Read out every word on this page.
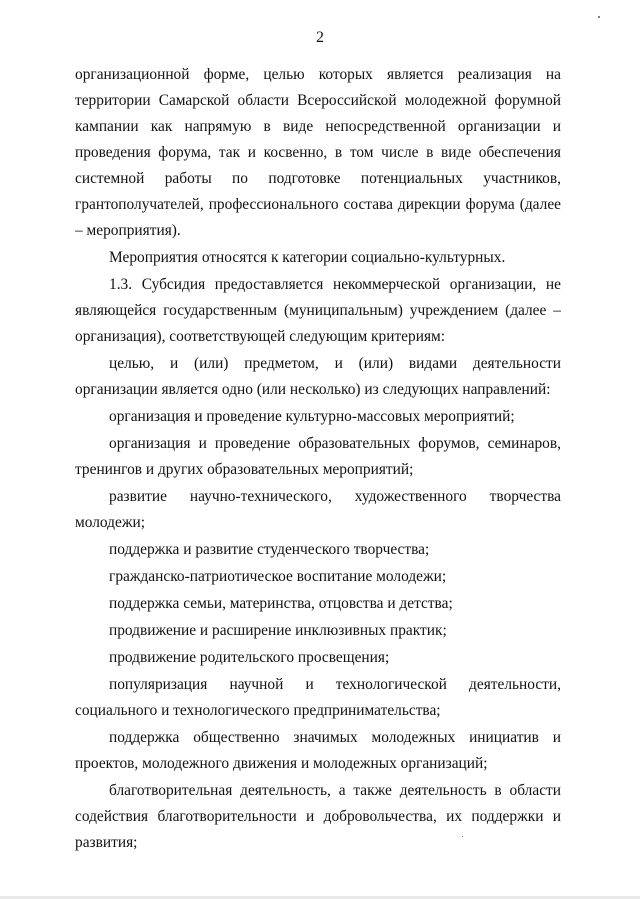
2

организационной форме, целью которых является реализация на территории Самарской области Всероссийской молодежной форумной кампании как напрямую в виде непосредственной организации и проведения форума, так и косвенно, в том числе в виде обеспечения системной работы по подготовке потенциальных участников, грантополучателей, профессионального состава дирекции форума (далее – мероприятия).

Мероприятия относятся к категории социально-культурных.

1.3. Субсидия предоставляется некоммерческой организации, не являющейся государственным (муниципальным) учреждением (далее – организация), соответствующей следующим критериям:

целью, и (или) предметом, и (или) видами деятельности организации является одно (или несколько) из следующих направлений:

организация и проведение культурно-массовых мероприятий;

организация и проведение образовательных форумов, семинаров, тренингов и других образовательных мероприятий;

развитие научно-технического, художественного творчества молодежи;

поддержка и развитие студенческого творчества;

гражданско-патриотическое воспитание молодежи;

поддержка семьи, материнства, отцовства и детства;

продвижение и расширение инклюзивных практик;

продвижение родительского просвещения;

популяризация научной и технологической деятельности, социального и технологического предпринимательства;

поддержка общественно значимых молодежных инициатив и проектов, молодежного движения и молодежных организаций;

благотворительная деятельность, а также деятельность в области содействия благотворительности и добровольчества, их поддержки и развития;
